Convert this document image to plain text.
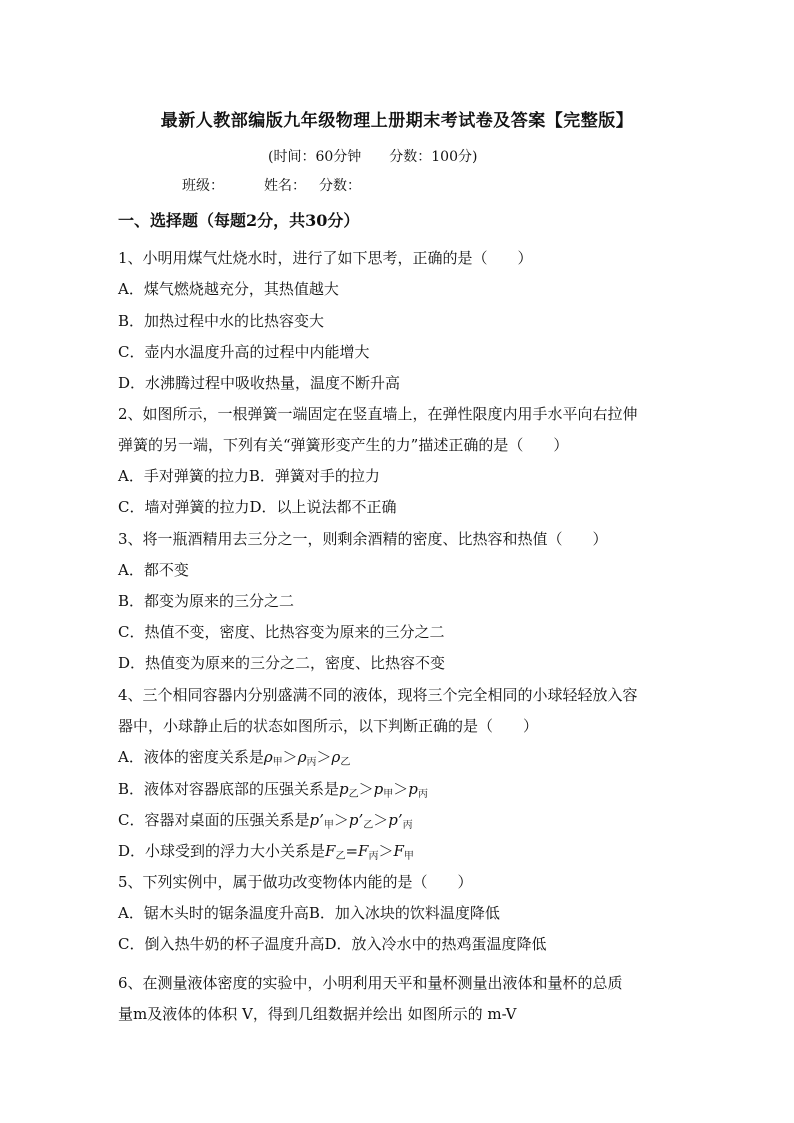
最新人教部编版九年级物理上册期末考试卷及答案【完整版】
(时间：60分钟　　分数：100分)
班级：	姓名： 分数：
一、选择题（每题2分，共30分）
1、小明用煤气灶烧水时，进行了如下思考，正确的是（　　）
A．煤气燃烧越充分，其热值越大
B．加热过程中水的比热容变大
C．壶内水温度升高的过程中内能增大
D．水沸腾过程中吸收热量，温度不断升高
2、如图所示，一根弹簧一端固定在竖直墙上，在弹性限度内用手水平向右拉伸
弹簧的另一端，下列有关“弹簧形变产生的力”描述正确的是（　　）
A．手对弹簧的拉力B．弹簧对手的拉力
C．墙对弹簧的拉力D．以上说法都不正确
3、将一瓶酒精用去三分之一，则剩余酒精的密度、比热容和热值（　　）
A．都不变
B．都变为原来的三分之二
C．热值不变，密度、比热容变为原来的三分之二
D．热值变为原来的三分之二，密度、比热容不变
4、三个相同容器内分别盛满不同的液体，现将三个完全相同的小球轻轻放入容
器中，小球静止后的状态如图所示，以下判断正确的是（　　）
A．液体的密度关系是$\rho_甲>\rho_丙>\rho_乙$
B．液体对容器底部的压强关系是$p_乙>p_甲>p_丙$
C．容器对桌面的压强关系是$p’_甲>p’_乙>p’_丙$
D．小球受到的浮力大小关系是$F_乙=F_丙>F_甲$
5、下列实例中，属于做功改变物体内能的是（　　）
A．锯木头时的锯条温度升高B．加入冰块的饮料温度降低
C．倒入热牛奶的杯子温度升高D．放入冷水中的热鸡蛋温度降低
6、在测量液体密度的实验中，小明利用天平和量杯测量出液体和量杯的总质
量m及液体的体积 V，得到几组数据并绘出 如图所示的 m-V
